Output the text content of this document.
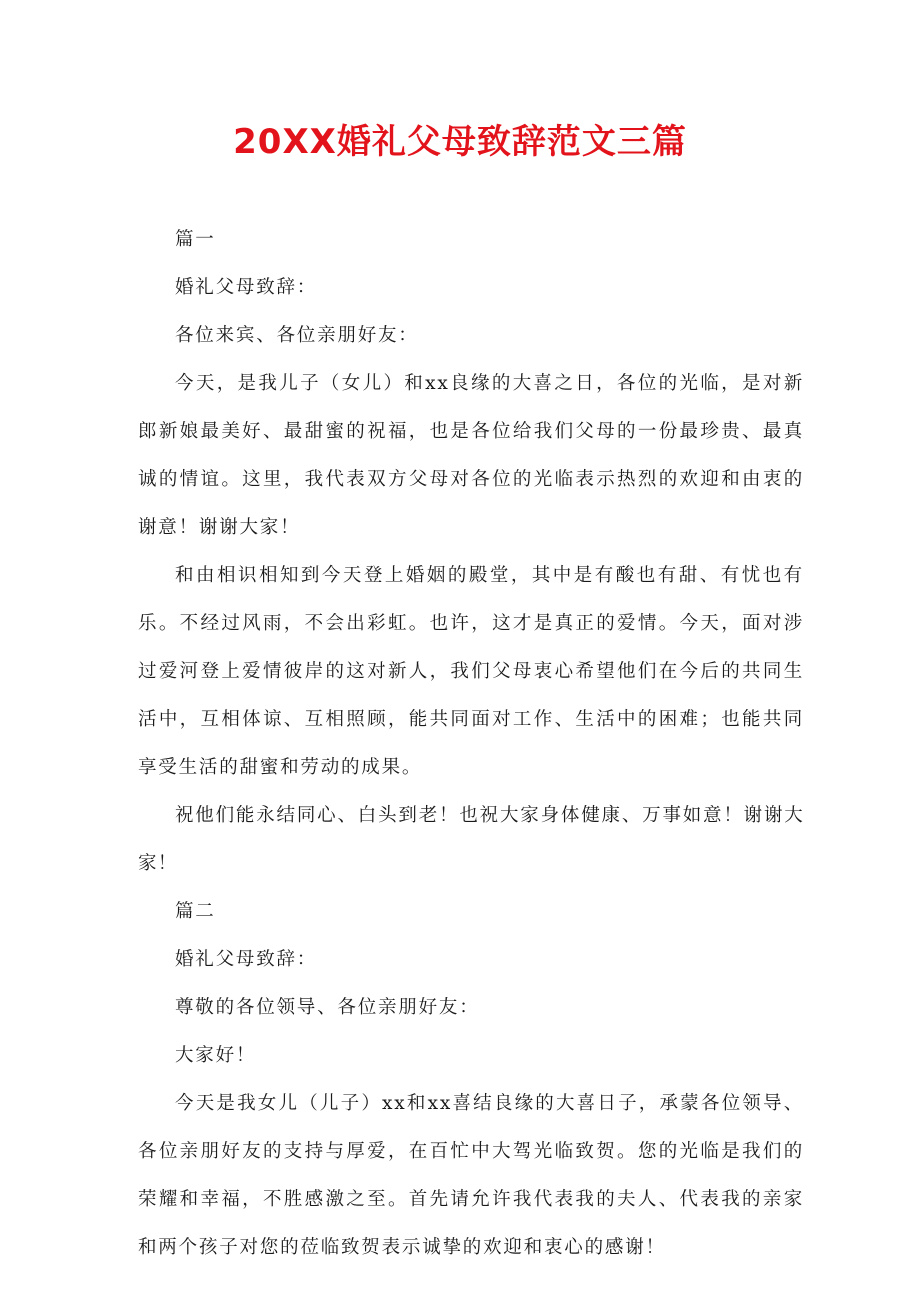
20XX婚礼父母致辞范文三篇

篇一

婚礼父母致辞：

各位来宾、各位亲朋好友：

今天，是我儿子（女儿）和xx良缘的大喜之日，各位的光临，是对新郎新娘最美好、最甜蜜的祝福，也是各位给我们父母的一份最珍贵、最真诚的情谊。这里，我代表双方父母对各位的光临表示热烈的欢迎和由衷的谢意！谢谢大家！

和由相识相知到今天登上婚姻的殿堂，其中是有酸也有甜、有忧也有乐。不经过风雨，不会出彩虹。也许，这才是真正的爱情。今天，面对涉过爱河登上爱情彼岸的这对新人，我们父母衷心希望他们在今后的共同生活中，互相体谅、互相照顾，能共同面对工作、生活中的困难；也能共同享受生活的甜蜜和劳动的成果。

祝他们能永结同心、白头到老！也祝大家身体健康、万事如意！谢谢大家！

篇二

婚礼父母致辞：

尊敬的各位领导、各位亲朋好友：

大家好！

今天是我女儿（儿子）xx和xx喜结良缘的大喜日子，承蒙各位领导、各位亲朋好友的支持与厚爱，在百忙中大驾光临致贺。您的光临是我们的荣耀和幸福，不胜感激之至。首先请允许我代表我的夫人、代表我的亲家和两个孩子对您的莅临致贺表示诚挚的欢迎和衷心的感谢！
